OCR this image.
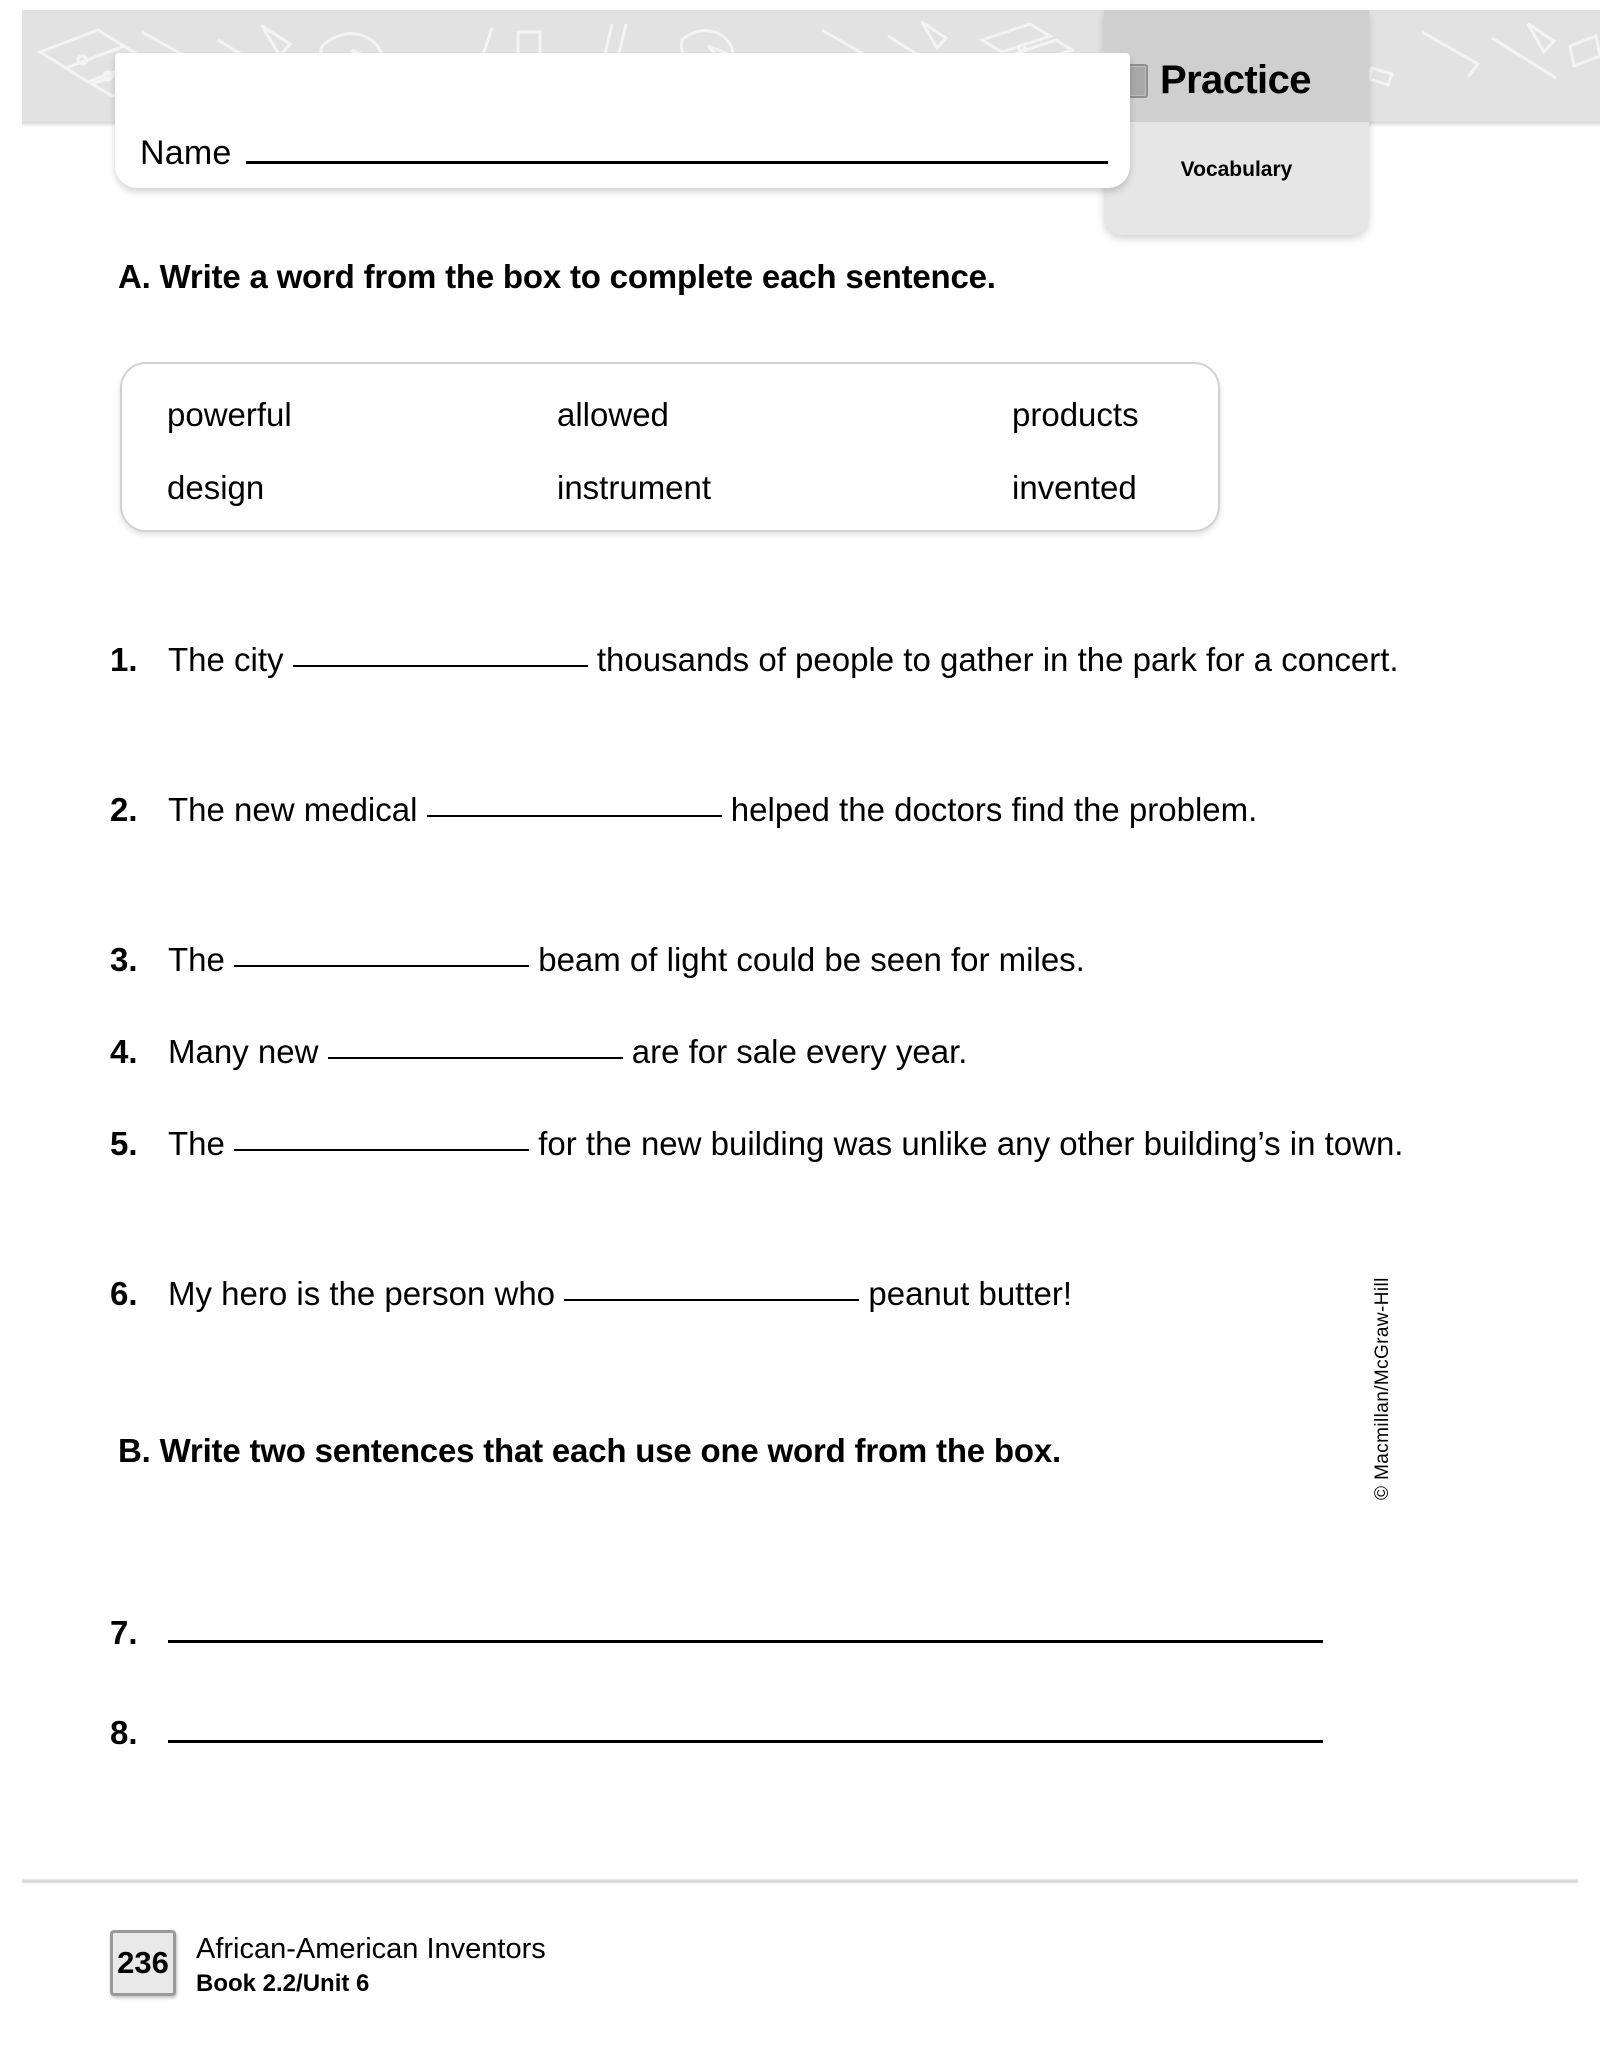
Practice
Vocabulary
Name
A. Write a word from the box to complete each sentence.
powerful	allowed	products
design	instrument	invented
1. The city	thousands of people to gather in the park for a concert.
2. The new medical	helped the doctors find the problem.
3. The	beam of light could be seen for miles.
4. Many new	are for sale every year.
5. The	for the new building was unlike any other building’s in town.
6. My hero is the person who	peanut butter!
B. Write two sentences that each use one word from the box.
7.
8.
© Macmillan/McGraw-Hill
236 African-American Inventors
Book 2.2/Unit 6
